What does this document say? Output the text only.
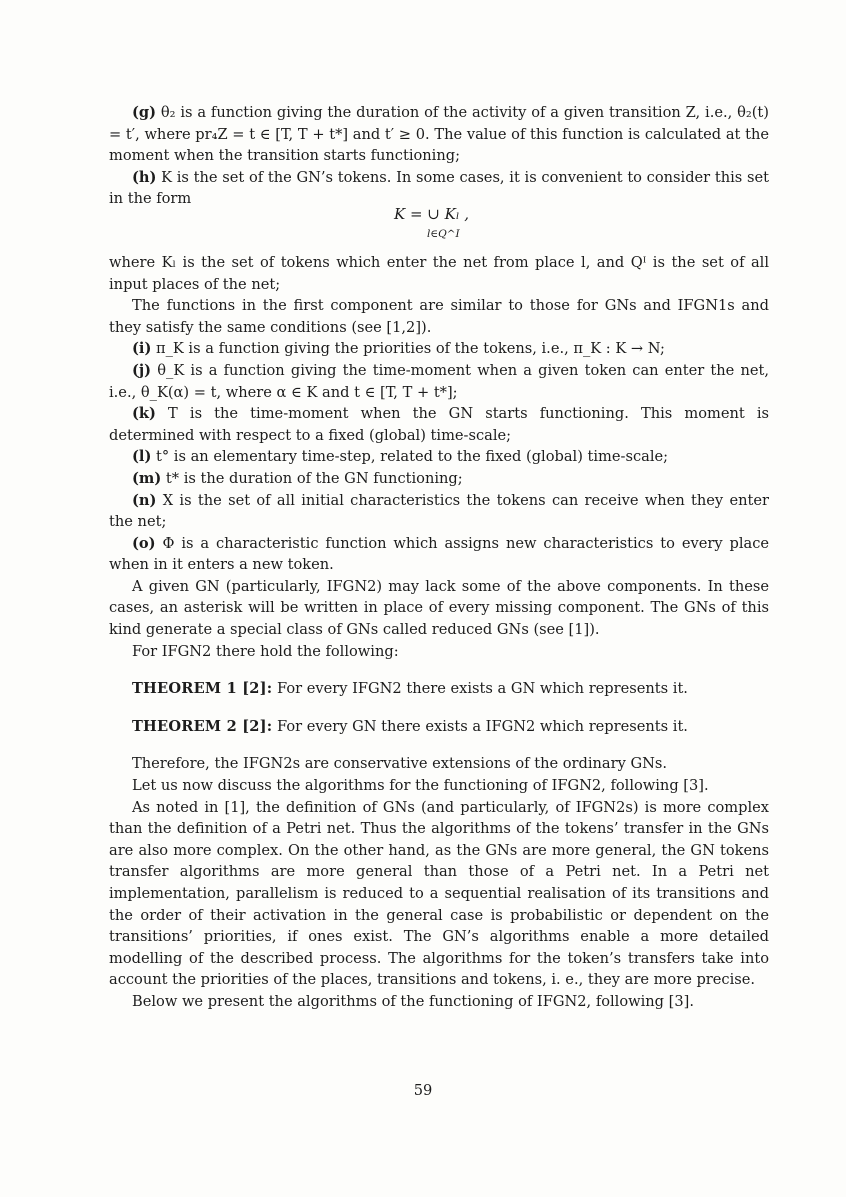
(g) θ₂ is a function giving the duration of the activity of a given transition Z, i.e., θ₂(t) = t′, where pr₄Z = t ∈ [T, T + t*] and t′ ≥ 0. The value of this function is calculated at the moment when the transition starts functioning;

(h) K is the set of the GN’s tokens. In some cases, it is convenient to consider this set in the form

K = ∪ Kₗ ,
l∈Q^I

where Kₗ is the set of tokens which enter the net from place l, and Qᴵ is the set of all input places of the net;

The functions in the first component are similar to those for GNs and IFGN1s and they satisfy the same conditions (see [1,2]).

(i) π_K is a function giving the priorities of the tokens, i.e., π_K : K → N;

(j) θ_K is a function giving the time-moment when a given token can enter the net, i.e., θ_K(α) = t, where α ∈ K and t ∈ [T, T + t*];

(k) T is the time-moment when the GN starts functioning. This moment is determined with respect to a fixed (global) time-scale;

(l) t° is an elementary time-step, related to the fixed (global) time-scale;

(m) t* is the duration of the GN functioning;

(n) X is the set of all initial characteristics the tokens can receive when they enter the net;

(o) Φ is a characteristic function which assigns new characteristics to every place when in it enters a new token.

A given GN (particularly, IFGN2) may lack some of the above components. In these cases, an asterisk will be written in place of every missing component. The GNs of this kind generate a special class of GNs called reduced GNs (see [1]).

For IFGN2 there hold the following:

THEOREM 1 [2]: For every IFGN2 there exists a GN which represents it.

THEOREM 2 [2]: For every GN there exists a IFGN2 which represents it.

Therefore, the IFGN2s are conservative extensions of the ordinary GNs.

Let us now discuss the algorithms for the functioning of IFGN2, following [3].

As noted in [1], the definition of GNs (and particularly, of IFGN2s) is more complex than the definition of a Petri net. Thus the algorithms of the tokens’ transfer in the GNs are also more complex. On the other hand, as the GNs are more general, the GN tokens transfer algorithms are more general than those of a Petri net. In a Petri net implementation, parallelism is reduced to a sequential realisation of its transitions and the order of their activation in the general case is probabilistic or dependent on the transitions’ priorities, if ones exist. The GN’s algorithms enable a more detailed modelling of the described process. The algorithms for the token’s transfers take into account the priorities of the places, transitions and tokens, i. e., they are more precise.

Below we present the algorithms of the functioning of IFGN2, following [3].

59
